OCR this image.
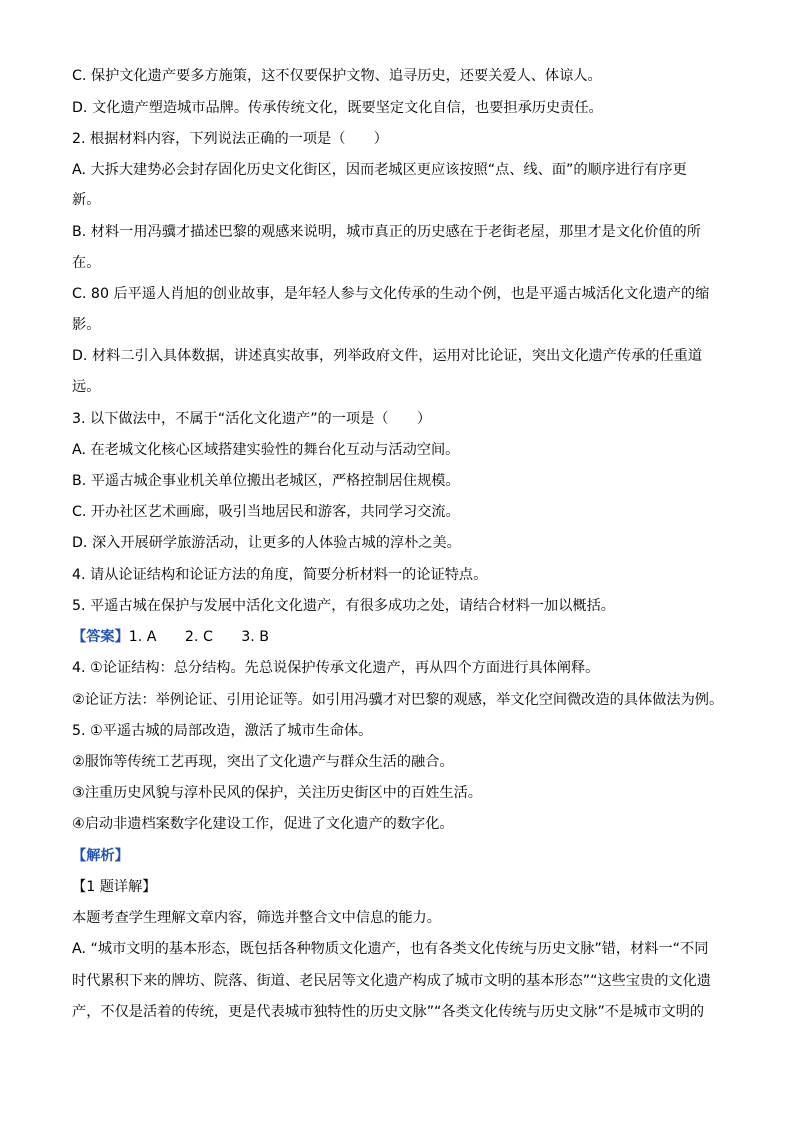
C. 保护文化遗产要多方施策，这不仅要保护文物、追寻历史，还要关爱人、体谅人。
D. 文化遗产塑造城市品牌。传承传统文化，既要坚定文化自信，也要担承历史责任。
2. 根据材料内容，下列说法正确的一项是（　　）
A. 大拆大建势必会封存固化历史文化街区，因而老城区更应该按照“点、线、面”的顺序进行有序更
新。
B. 材料一用冯骥才描述巴黎的观感来说明，城市真正的历史感在于老街老屋，那里才是文化价值的所
在。
C. 80 后平遥人肖旭的创业故事，是年轻人参与文化传承的生动个例，也是平遥古城活化文化遗产的缩
影。
D. 材料二引入具体数据，讲述真实故事，列举政府文件，运用对比论证，突出文化遗产传承的任重道
远。
3. 以下做法中，不属于“活化文化遗产”的一项是（　　）
A. 在老城文化核心区域搭建实验性的舞台化互动与活动空间。
B. 平遥古城企事业机关单位搬出老城区，严格控制居住规模。
C. 开办社区艺术画廊，吸引当地居民和游客，共同学习交流。
D. 深入开展研学旅游活动，让更多的人体验古城的淳朴之美。
4. 请从论证结构和论证方法的角度，简要分析材料一的论证特点。
5. 平遥古城在保护与发展中活化文化遗产，有很多成功之处，请结合材料一加以概括。
【答案】1. A　　2. C　　3. B
4. ①论证结构：总分结构。先总说保护传承文化遗产，再从四个方面进行具体阐释。
②论证方法：举例论证、引用论证等。如引用冯骥才对巴黎的观感，举文化空间微改造的具体做法为例。
5. ①平遥古城的局部改造，激活了城市生命体。
②服饰等传统工艺再现，突出了文化遗产与群众生活的融合。
③注重历史风貌与淳朴民风的保护，关注历史街区中的百姓生活。
④启动非遗档案数字化建设工作，促进了文化遗产的数字化。
【解析】
【1 题详解】
本题考查学生理解文章内容，筛选并整合文中信息的能力。
A. “城市文明的基本形态，既包括各种物质文化遗产，也有各类文化传统与历史文脉”错，材料一“不同
时代累积下来的牌坊、院落、街道、老民居等文化遗产构成了城市文明的基本形态”“这些宝贵的文化遗
产，不仅是活着的传统，更是代表城市独特性的历史文脉”“各类文化传统与历史文脉”不是城市文明的
